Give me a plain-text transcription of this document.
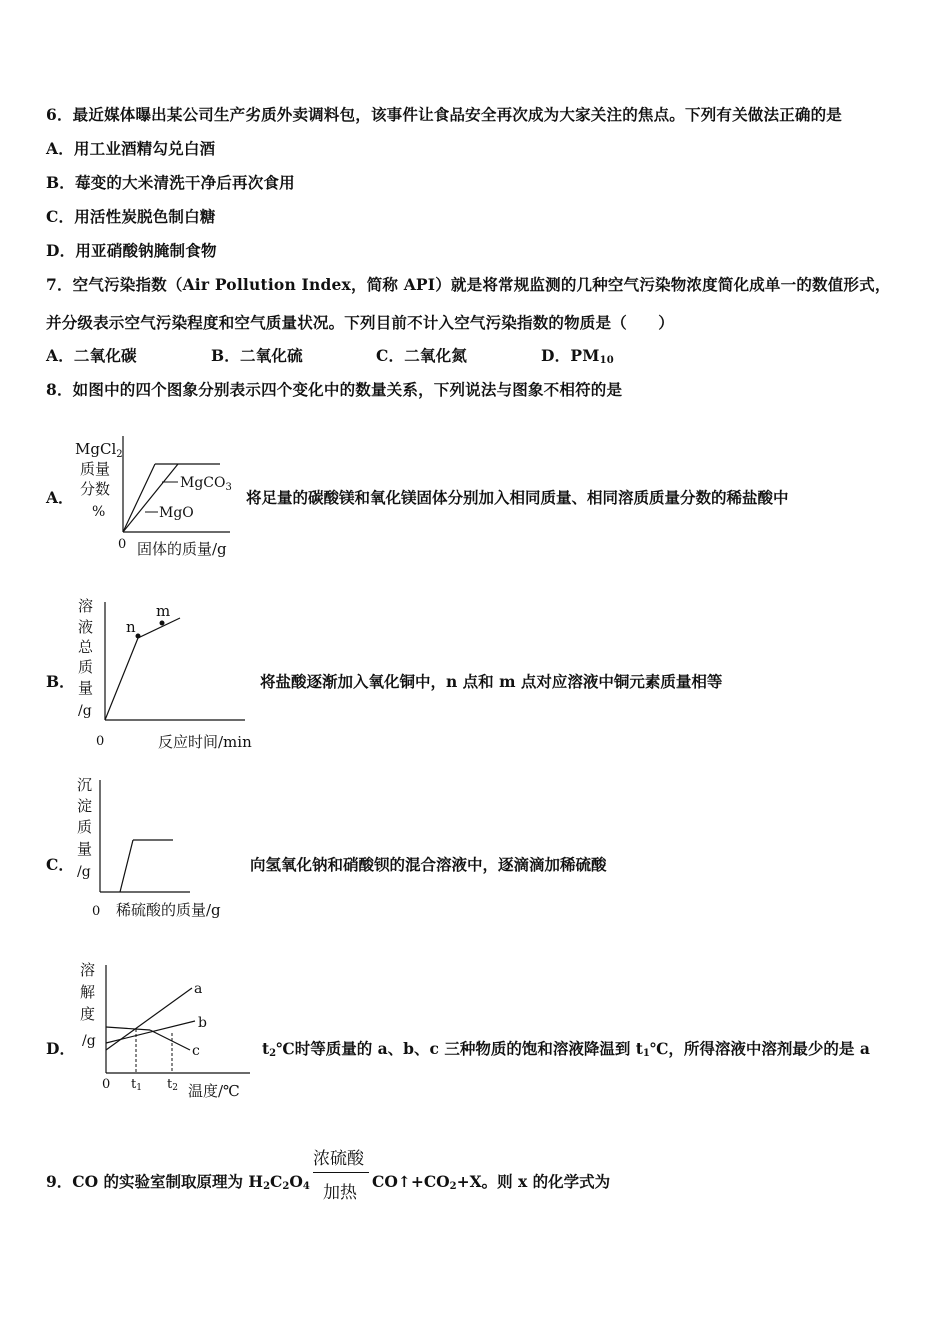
6．最近媒体曝出某公司生产劣质外卖调料包，该事件让食品安全再次成为大家关注的焦点。下列有关做法正确的是
A．用工业酒精勾兑白酒
B．莓变的大米清洗干净后再次食用
C．用活性炭脱色制白糖
D．用亚硝酸钠腌制食物
7．空气污染指数（Air Pollution Index，简称 API）就是将常规监测的几种空气污染物浓度简化成单一的数值形式，
并分级表示空气污染程度和空气质量状况。下列目前不计入空气污染指数的物质是（　　）
A．二氧化碳	B．二氧化硫	C．二氧化氮	D．$PM_{10}$
8．如图中的四个图象分别表示四个变化中的数量关系，下列说法与图象不相符的是
A．
MgCl$_2$
质量
分数
%
MgCO$_3$
MgO
0 固体的质量/g
将足量的碳酸镁和氧化镁固体分别加入相同质量、相同溶质质量分数的稀盐酸中
B．
n
m
溶
液
总
质
量
/g
0	反应时间/min
将盐酸逐渐加入氧化铜中，n 点和 m 点对应溶液中铜元素质量相等
C．
沉
淀
质
量
/g
0 稀硫酸的质量/g
向氢氧化钠和硝酸钡的混合溶液中，逐滴滴加稀硫酸
D．
a
b
c
溶
解
度
/g
0 t1 t2 温度/℃
$t_2℃$时等质量的 a、b、c 三种物质的饱和溶液降温到 $t_1℃$，所得溶液中溶剂最少的是 a
9．CO 的实验室制取原理为 $H_2C_2O_4$
浓硫酸
加热
$CO↑+CO_2+X$。则 x 的化学式为
